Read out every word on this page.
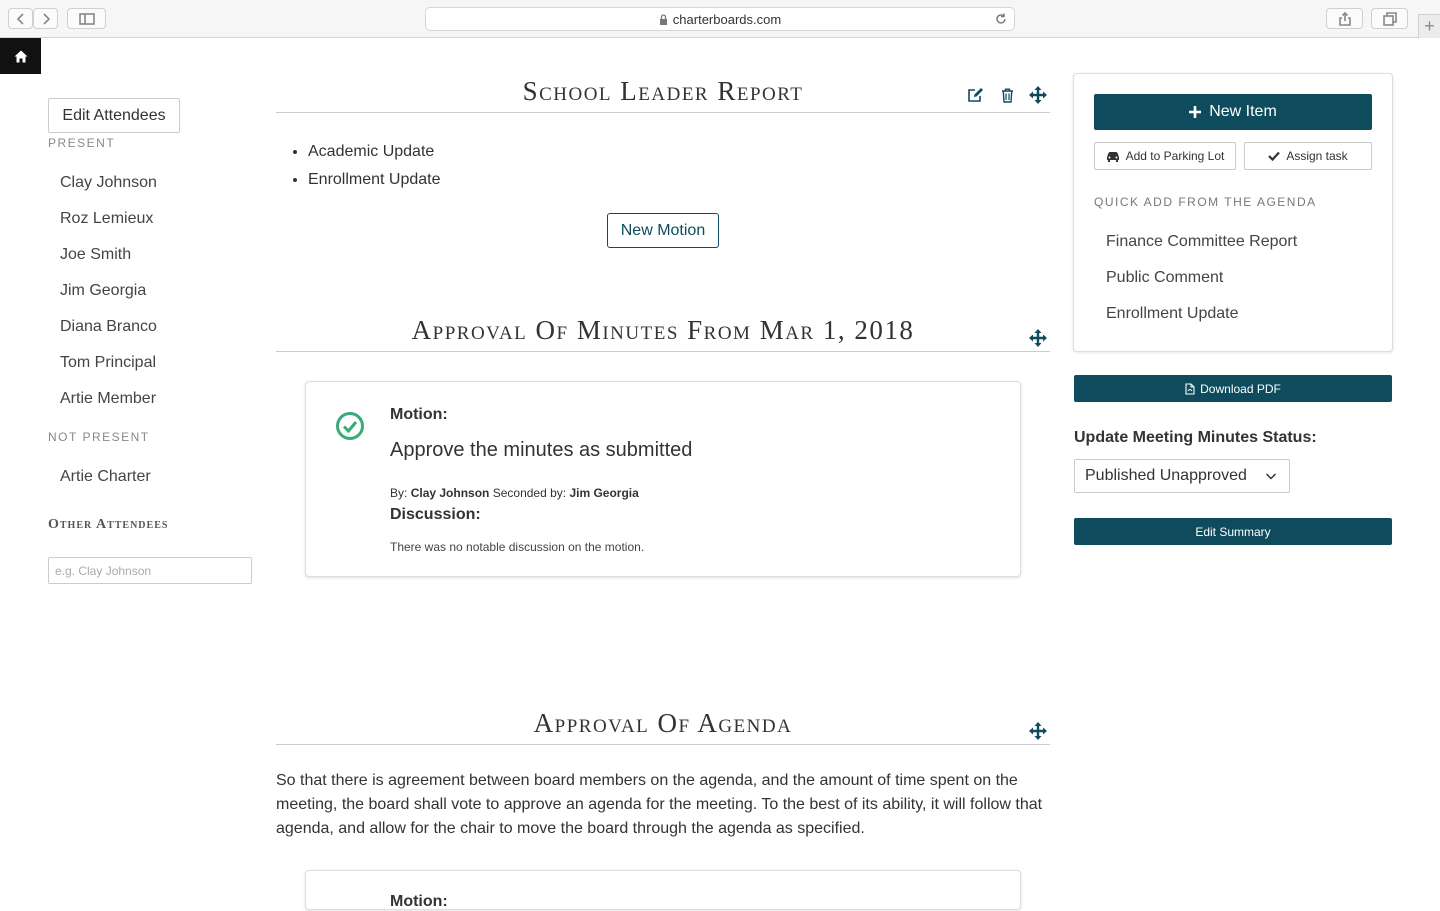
charterboards.com	+
Edit Attendees
PRESENT
Clay Johnson
Roz Lemieux
Joe Smith
Jim Georgia
Diana Branco
Tom Principal
Artie Member
NOT PRESENT
Artie Charter
Other Attendees
e.g. Clay Johnson
School Leader Report
• Academic Update
• Enrollment Update
New Motion
Approval Of Minutes From Mar 1, 2018
Motion:
Approve the minutes as submitted
By: Clay Johnson Seconded by: Jim Georgia
Discussion:
There was no notable discussion on the motion.
Approval Of Agenda
So that there is agreement between board members on the agenda, and the amount of time spent on the meeting, the board shall vote to approve an agenda for the meeting. To the best of its ability, it will follow that agenda, and allow for the chair to move the board through the agenda as specified.
Motion:
New Item
Add to Parking Lot	Assign task
QUICK ADD FROM THE AGENDA
Finance Committee Report
Public Comment
Enrollment Update
Download PDF
Update Meeting Minutes Status:
Published Unapproved
Edit Summary
